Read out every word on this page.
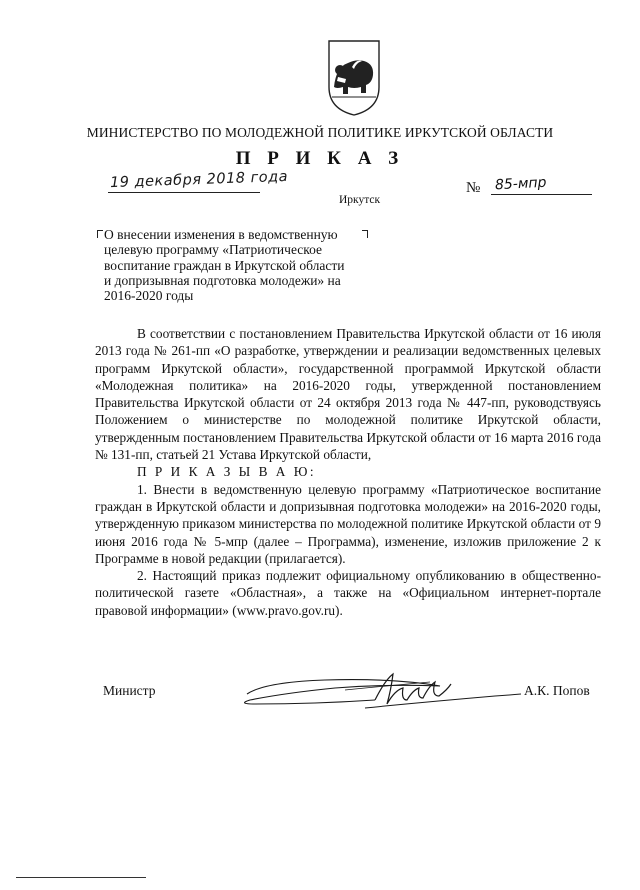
МИНИСТЕРСТВО ПО МОЛОДЕЖНОЙ ПОЛИТИКЕ ИРКУТСКОЙ ОБЛАСТИ
П Р И К А З
19 декабря 2018 года	№ 85-мпр
Иркутск
О внесении изменения в ведомственную
целевую программу «Патриотическое
воспитание граждан в Иркутской области
и допризывная подготовка молодежи» на
2016-2020 годы

В соответствии с постановлением Правительства Иркутской области от 16 июля 2013 года № 261-пп «О разработке, утверждении и реализации ведомственных целевых программ Иркутской области», государственной программой Иркутской области «Молодежная политика» на 2016-2020 годы, утвержденной постановлением Правительства Иркутской области от 24 октября 2013 года № 447-пп, руководствуясь Положением о министерстве по молодежной политике Иркутской области, утвержденным постановлением Правительства Иркутской области от 16 марта 2016 года № 131-пп, статьей 21 Устава Иркутской области,

П Р И К А З Ы В А Ю:

1. Внести в ведомственную целевую программу «Патриотическое воспитание граждан в Иркутской области и допризывная подготовка молодежи» на 2016-2020 годы, утвержденную приказом министерства по молодежной политике Иркутской области от 9 июня 2016 года № 5-мпр (далее – Программа), изменение, изложив приложение 2 к Программе в новой редакции (прилагается).

2. Настоящий приказ подлежит официальному опубликованию в общественно-политической газете «Областная», а также на «Официальном интернет-портале правовой информации» (www.pravo.gov.ru).

Министр	А.К. Попов
